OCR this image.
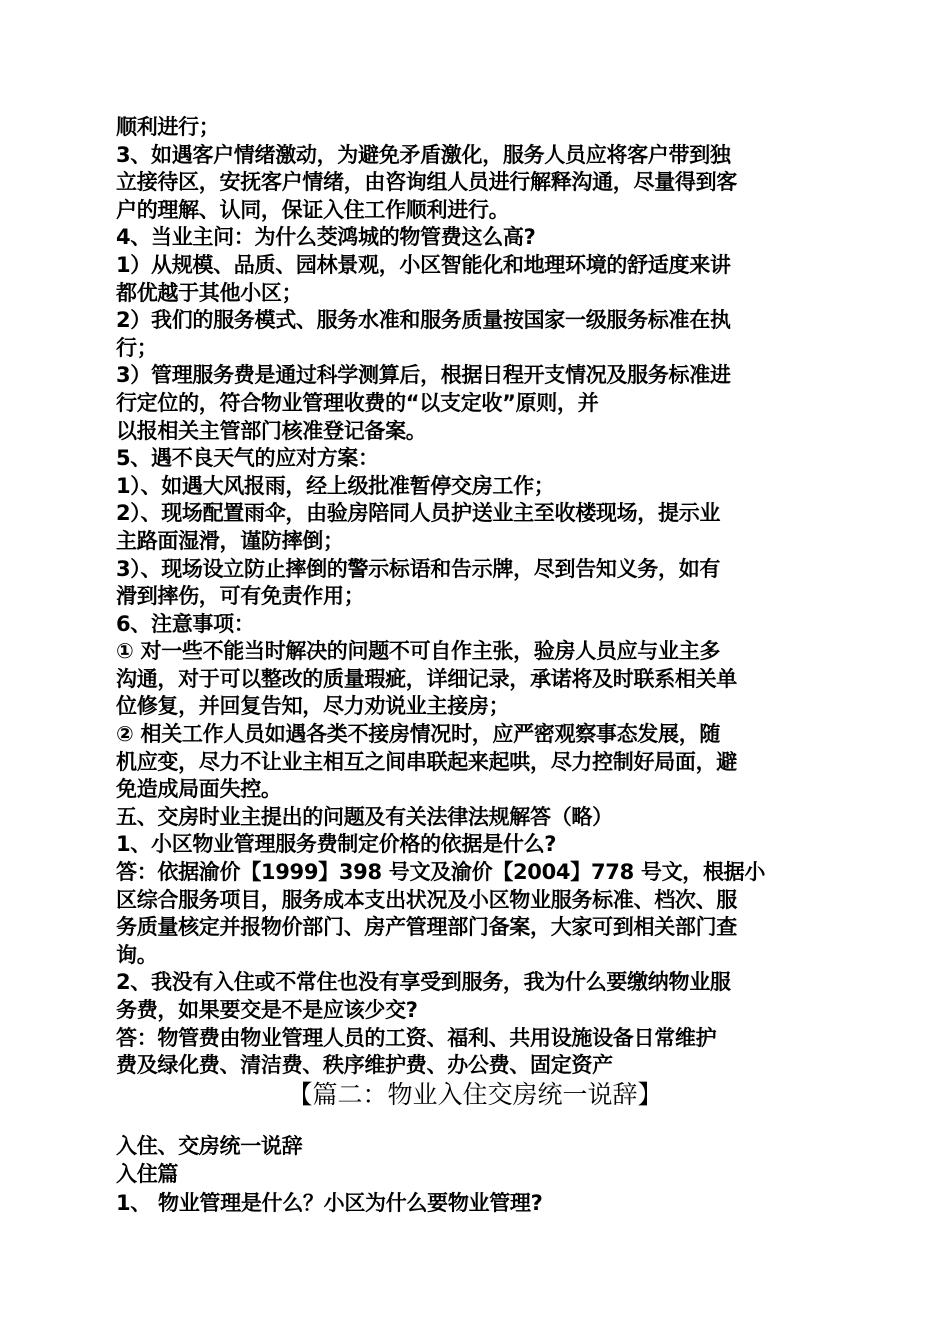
顺利进行；
3、如遇客户情绪激动，为避免矛盾激化，服务人员应将客户带到独
立接待区，安抚客户情绪，由咨询组人员进行解释沟通，尽量得到客
户的理解、认同，保证入住工作顺利进行。
4、当业主问：为什么茭鸿城的物管费这么高?
1）从规模、品质、园林景观，小区智能化和地理环境的舒适度来讲
都优越于其他小区；
2）我们的服务模式、服务水准和服务质量按国家一级服务标准在执
行；
3）管理服务费是通过科学测算后，根据日程开支情况及服务标准进
行定位的，符合物业管理收费的“以支定收”原则，并
以报相关主管部门核准登记备案。
5、遇不良天气的应对方案：
1）、如遇大风报雨，经上级批准暂停交房工作；
2）、现场配置雨伞，由验房陪同人员护送业主至收楼现场，提示业
主路面湿滑，谨防摔倒；
3）、现场设立防止摔倒的警示标语和告示牌，尽到告知义务，如有
滑到摔伤，可有免责作用；
6、注意事项：
① 对一些不能当时解决的问题不可自作主张，验房人员应与业主多
沟通，对于可以整改的质量瑕疵，详细记录，承诺将及时联系相关单
位修复，并回复告知，尽力劝说业主接房；
② 相关工作人员如遇各类不接房情况时，应严密观察事态发展，随
机应变，尽力不让业主相互之间串联起来起哄，尽力控制好局面，避
免造成局面失控。
五、交房时业主提出的问题及有关法律法规解答（略）
1、小区物业管理服务费制定价格的依据是什么?
答：依据渝价【1999】398 号文及渝价【2004】778 号文，根据小
区综合服务项目，服务成本支出状况及小区物业服务标准、档次、服
务质量核定并报物价部门、房产管理部门备案，大家可到相关部门查
询。
2、我没有入住或不常住也没有享受到服务，我为什么要缴纳物业服
务费，如果要交是不是应该少交?
答：物管费由物业管理人员的工资、福利、共用设施设备日常维护
费及绿化费、清洁费、秩序维护费、办公费、固定资产
【篇二：物业入住交房统一说辞】
入住、交房统一说辞
入住篇
1、 物业管理是什么？小区为什么要物业管理?
